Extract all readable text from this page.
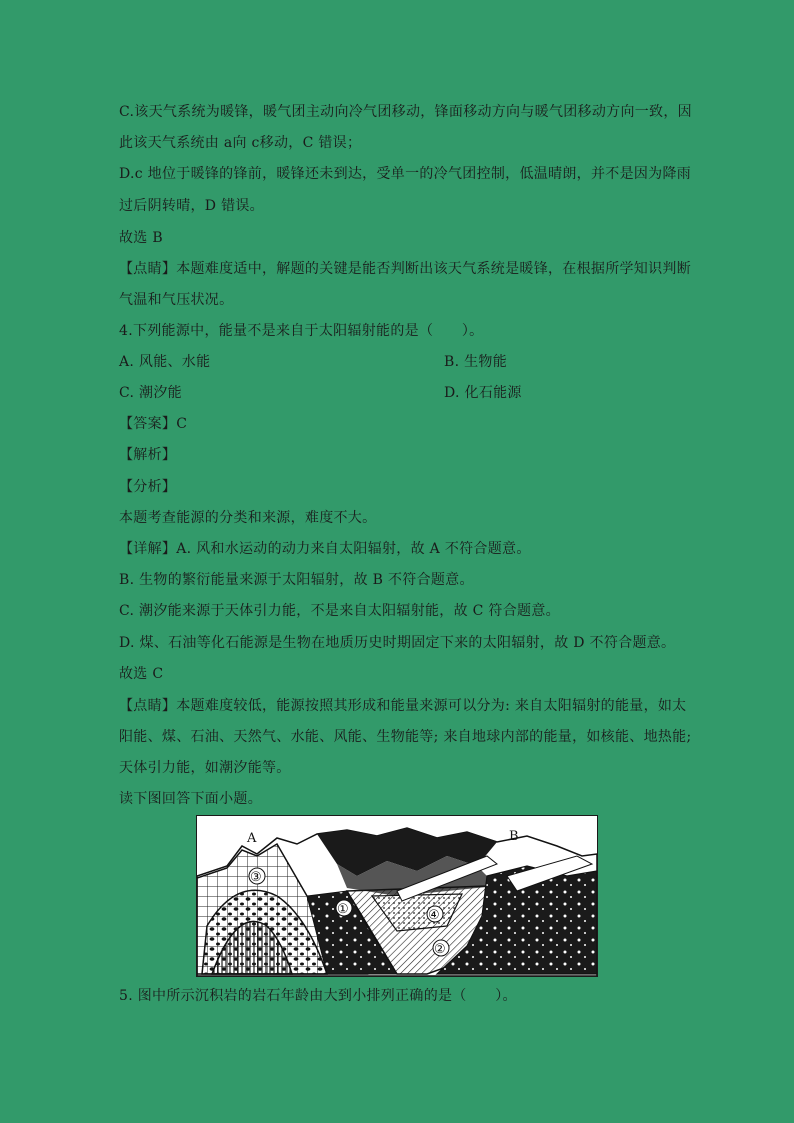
C.该天气系统为暖锋，暖气团主动向冷气团移动，锋面移动方向与暖气团移动方向一致，因
此该天气系统由 a向 c移动，C 错误；
D.c 地位于暖锋的锋前，暖锋还未到达，受单一的冷气团控制，低温晴朗，并不是因为降雨
过后阴转晴，D 错误。
故选 B
【点睛】本题难度适中，解题的关键是能否判断出该天气系统是暖锋，在根据所学知识判断
气温和气压状况。
4.下列能源中，能量不是来自于太阳辐射能的是（　　）。
A. 风能、水能	B. 生物能
C. 潮汐能	D. 化石能源
【答案】C
【解析】
【分析】
本题考查能源的分类和来源，难度不大。
【详解】A. 风和水运动的动力来自太阳辐射，故 A 不符合题意。
B. 生物的繁衍能量来源于太阳辐射，故 B 不符合题意。
C. 潮汐能来源于天体引力能，不是来自太阳辐射能，故 C 符合题意。
D. 煤、石油等化石能源是生物在地质历史时期固定下来的太阳辐射，故 D 不符合题意。
故选 C
【点睛】本题难度较低，能源按照其形成和能量来源可以分为: 来自太阳辐射的能量，如太
阳能、煤、石油、天然气、水能、风能、生物能等; 来自地球内部的能量，如核能、地热能;
天体引力能，如潮汐能等。
读下图回答下面小题。
A	B
③
①	④
②
5. 图中所示沉积岩的岩石年龄由大到小排列正确的是（　　）。
